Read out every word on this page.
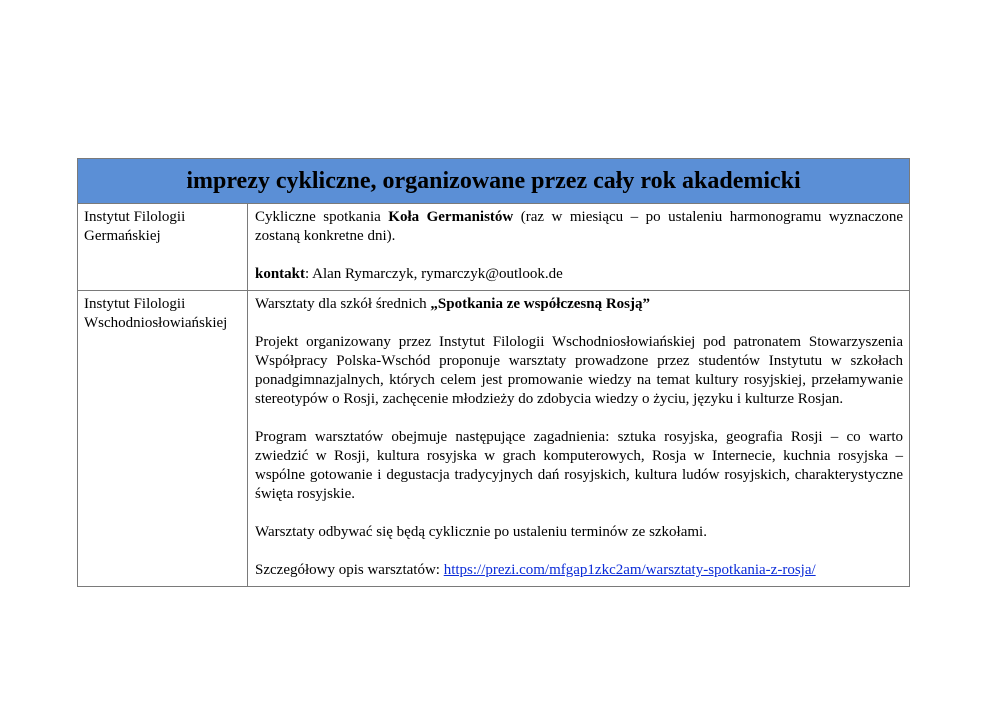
imprezy cykliczne, organizowane przez cały rok akademicki
Instytut Filologii
Germańskiej

Cykliczne spotkania Koła Germanistów (raz w miesiącu – po ustaleniu harmonogramu wyznaczone zostaną konkretne dni).

kontakt: Alan Rymarczyk, rymarczyk@outlook.de

Instytut Filologii
Wschodniosłowiańskiej

Warsztaty dla szkół średnich „Spotkania ze współczesną Rosją”

Projekt organizowany przez Instytut Filologii Wschodniosłowiańskiej pod patronatem Stowarzyszenia Współpracy Polska-Wschód proponuje warsztaty prowadzone przez studentów Instytutu w szkołach ponadgimnazjalnych, których celem jest promowanie wiedzy na temat kultury rosyjskiej, przełamywanie stereotypów o Rosji, zachęcenie młodzieży do zdobycia wiedzy o życiu, języku i kulturze Rosjan.

Program warsztatów obejmuje następujące zagadnienia: sztuka rosyjska, geografia Rosji – co warto zwiedzić w Rosji, kultura rosyjska w grach komputerowych, Rosja w Internecie, kuchnia rosyjska – wspólne gotowanie i degustacja tradycyjnych dań rosyjskich, kultura ludów rosyjskich, charakterystyczne święta rosyjskie.

Warsztaty odbywać się będą cyklicznie po ustaleniu terminów ze szkołami.

Szczegółowy opis warsztatów: https://prezi.com/mfgap1zkc2am/warsztaty-spotkania-z-rosja/
